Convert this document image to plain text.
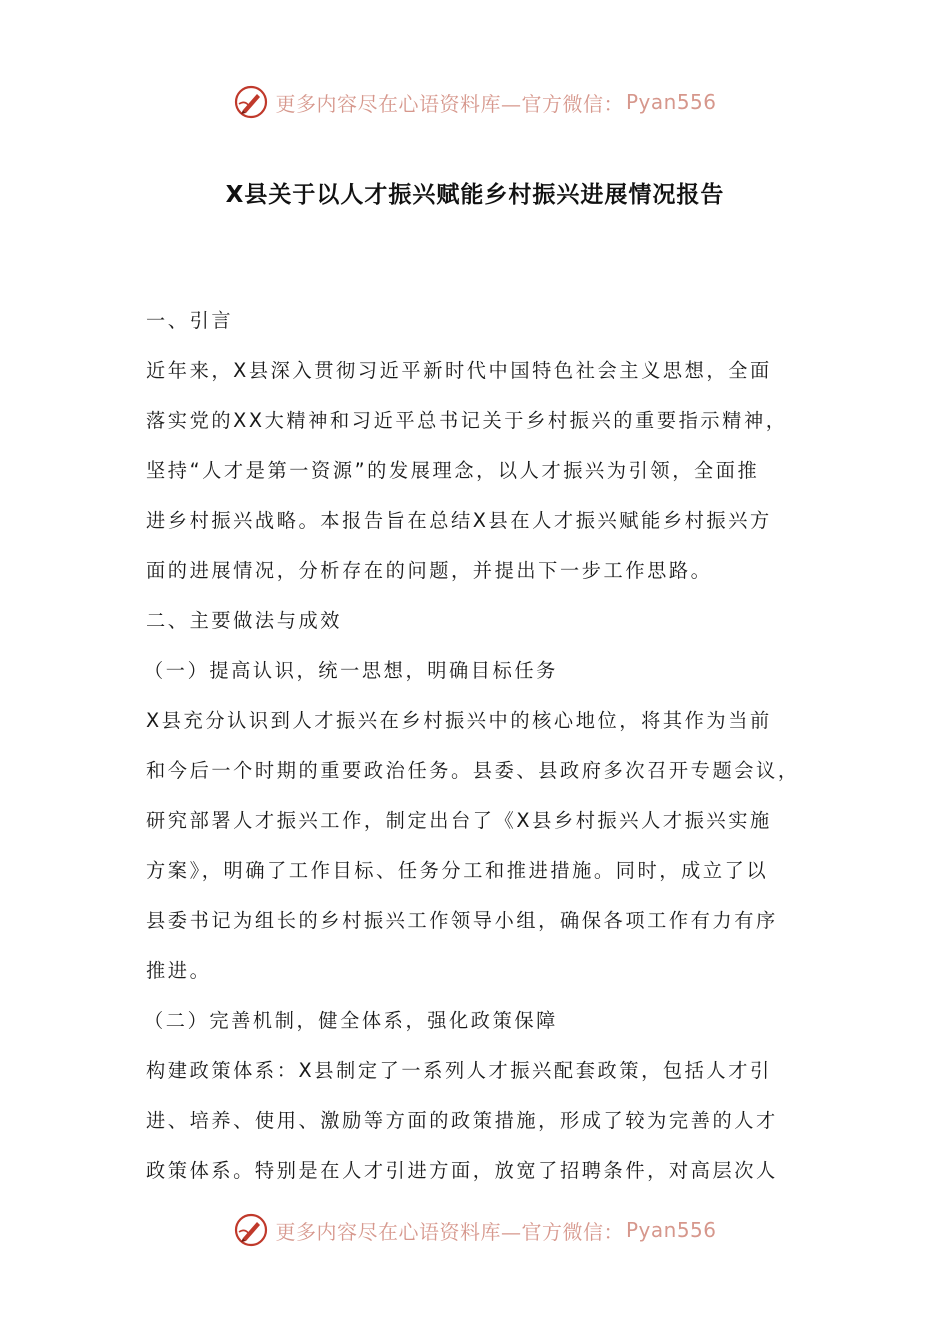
更多内容尽在心语资料库—官方微信： Pyan556
X县关于以人才振兴赋能乡村振兴进展情况报告
一、引言
近年来，X县深入贯彻习近平新时代中国特色社会主义思想，全面
落实党的XX大精神和习近平总书记关于乡村振兴的重要指示精神，
坚持“人才是第一资源”的发展理念，以人才振兴为引领，全面推
进乡村振兴战略。本报告旨在总结X县在人才振兴赋能乡村振兴方
面的进展情况，分析存在的问题，并提出下一步工作思路。
二、主要做法与成效
（一）提高认识，统一思想，明确目标任务
X县充分认识到人才振兴在乡村振兴中的核心地位，将其作为当前
和今后一个时期的重要政治任务。县委、县政府多次召开专题会议，
研究部署人才振兴工作，制定出台了《X县乡村振兴人才振兴实施
方案》，明确了工作目标、任务分工和推进措施。同时，成立了以
县委书记为组长的乡村振兴工作领导小组，确保各项工作有力有序
推进。
（二）完善机制，健全体系，强化政策保障
构建政策体系：X县制定了一系列人才振兴配套政策，包括人才引
进、培养、使用、激励等方面的政策措施，形成了较为完善的人才
政策体系。特别是在人才引进方面，放宽了招聘条件，对高层次人
更多内容尽在心语资料库—官方微信： Pyan556
